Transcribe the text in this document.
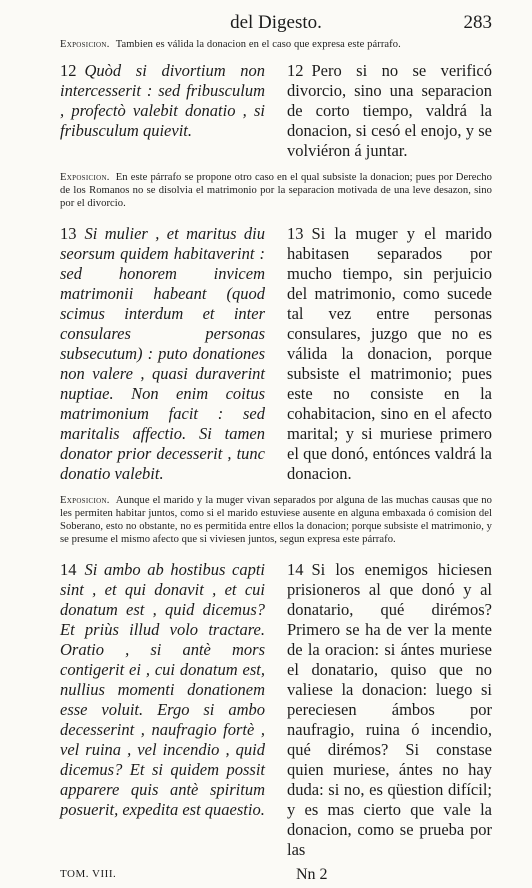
del Digesto.	283
Exposicion. Tambien es válida la donacion en el caso que expresa este párrafo.
12 Quòd si divortium non intercesserit : sed fribusculum , profectò valebit donatio , si fribusculum quievit.
12 Pero si no se verificó divorcio, sino una separacion de corto tiempo, valdrá la donacion, si cesó el enojo, y se volviéron á juntar.
Exposicion. En este párrafo se propone otro caso en el qual subsiste la donacion; pues por Derecho de los Romanos no se disolvia el matrimonio por la separacion motivada de una leve desazon, sino por el divorcio.
13 Si mulier , et maritus diu seorsum quidem habitaverint : sed honorem invicem matrimonii habeant (quod scimus interdum et inter consulares personas subsecutum) : puto donationes non valere , quasi duraverint nuptiae. Non enim coitus matrimonium facit : sed maritalis affectio. Si tamen donator prior decesserit , tunc donatio valebit.
13 Si la muger y el marido habitasen separados por mucho tiempo, sin perjuicio del matrimonio, como sucede tal vez entre personas consulares, juzgo que no es válida la donacion, porque subsiste el matrimonio; pues este no consiste en la cohabitacion, sino en el afecto marital; y si muriese primero el que donó, entónces valdrá la donacion.
Exposicion. Aunque el marido y la muger vivan separados por alguna de las muchas causas que no les permiten habitar juntos, como si el marido estuviese ausente en alguna embaxada ó comision del Soberano, esto no obstante, no es permitida entre ellos la donacion; porque subsiste el matrimonio, y se presume el mismo afecto que si viviesen juntos, segun expresa este párrafo.
14 Si ambo ab hostibus capti sint , et qui donavit , et cui donatum est , quid dicemus? Et priùs illud volo tractare. Oratio , si antè mors contigerit ei , cui donatum est, nullius momenti donationem esse voluit. Ergo si ambo decesserint , naufragio fortè , vel ruina , vel incendio , quid dicemus? Et si quidem possit apparere quis antè spiritum posuerit, expedita est quaestio.
14 Si los enemigos hiciesen prisioneros al que donó y al donatario, qué dirémos? Primero se ha de ver la mente de la oracion: si ántes muriese el donatario, quiso que no valiese la donacion: luego si pereciesen ámbos por naufragio, ruina ó incendio, qué dirémos? Si constase quien muriese, ántes no hay duda: si no, es qüestion difícil; y es mas cierto que vale la donacion, como se prueba por las
TOM. VIII.	Nn 2
